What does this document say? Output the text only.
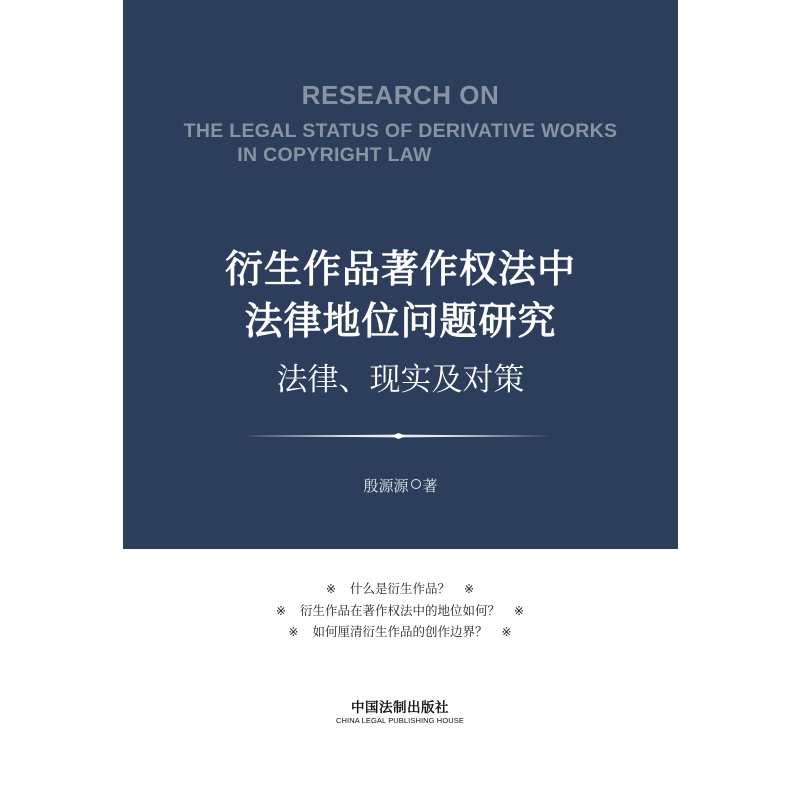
RESEARCH ON
THE LEGAL STATUS OF DERIVATIVE WORKS
IN COPYRIGHT LAW
衍生作品著作权法中
法律地位问题研究
法律、现实及对策
殷源源 著
※ 什么是衍生作品？ ※
※ 衍生作品在著作权法中的地位如何？ ※
※ 如何厘清衍生作品的创作边界？ ※
中国法制出版社
CHINA LEGAL PUBLISHING HOUSE
